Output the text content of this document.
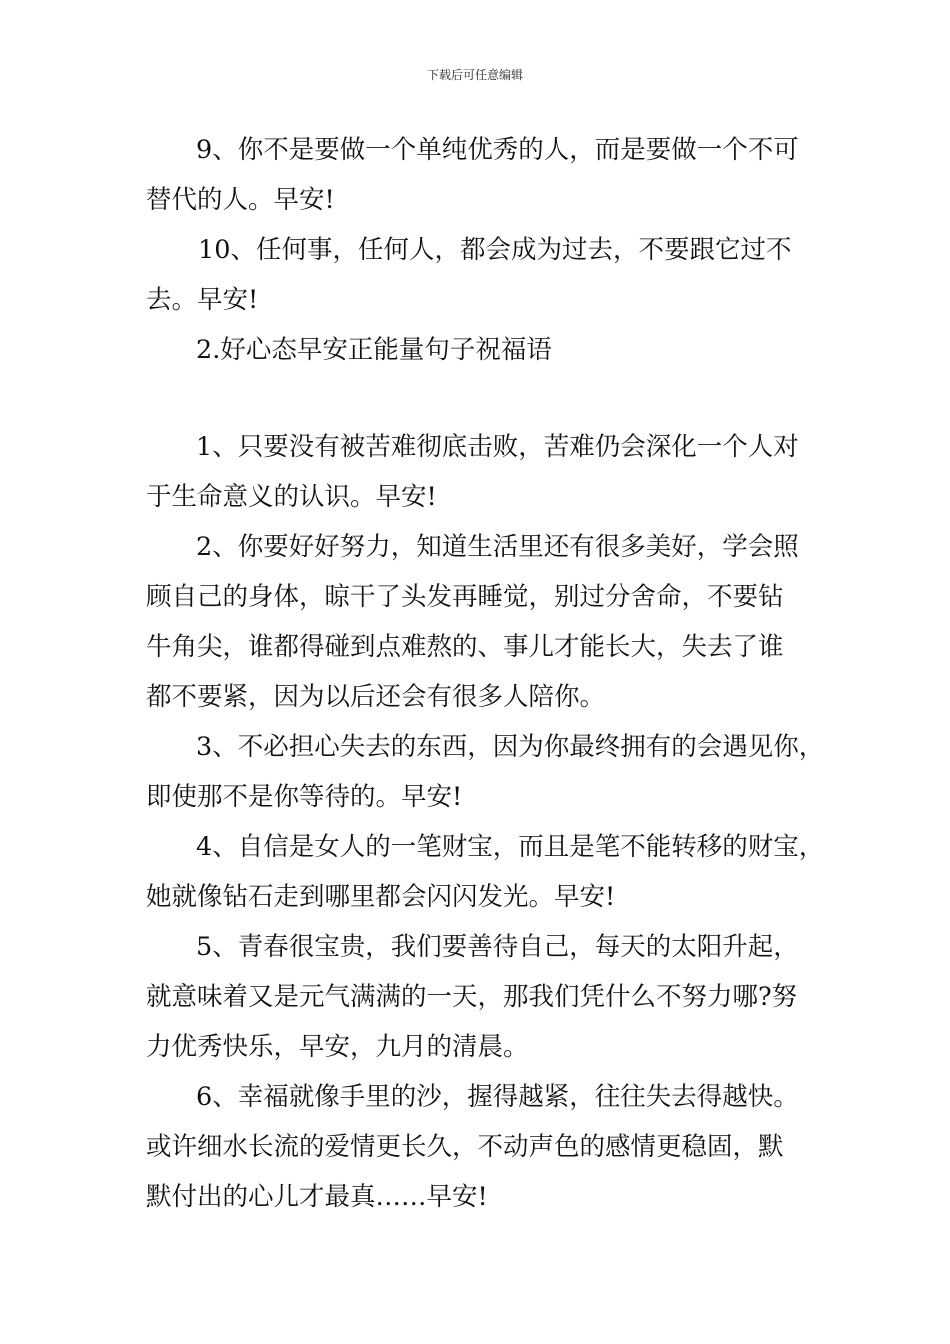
下载后可任意编辑
9、你不是要做一个单纯优秀的人，而是要做一个不可
替代的人。早安!
10、任何事，任何人，都会成为过去，不要跟它过不
去。早安!
2.好心态早安正能量句子祝福语
1、只要没有被苦难彻底击败，苦难仍会深化一个人对
于生命意义的认识。早安!
2、你要好好努力，知道生活里还有很多美好，学会照
顾自己的身体，晾干了头发再睡觉，别过分舍命，不要钻
牛角尖，谁都得碰到点难熬的、事儿才能长大，失去了谁
都不要紧，因为以后还会有很多人陪你。
3、不必担心失去的东西，因为你最终拥有的会遇见你，
即使那不是你等待的。早安!
4、自信是女人的一笔财宝，而且是笔不能转移的财宝，
她就像钻石走到哪里都会闪闪发光。早安!
5、青春很宝贵，我们要善待自己，每天的太阳升起，
就意味着又是元气满满的一天，那我们凭什么不努力哪?努
力优秀快乐，早安，九月的清晨。
6、幸福就像手里的沙，握得越紧，往往失去得越快。
或许细水长流的爱情更长久，不动声色的感情更稳固，默
默付出的心儿才最真……早安!
